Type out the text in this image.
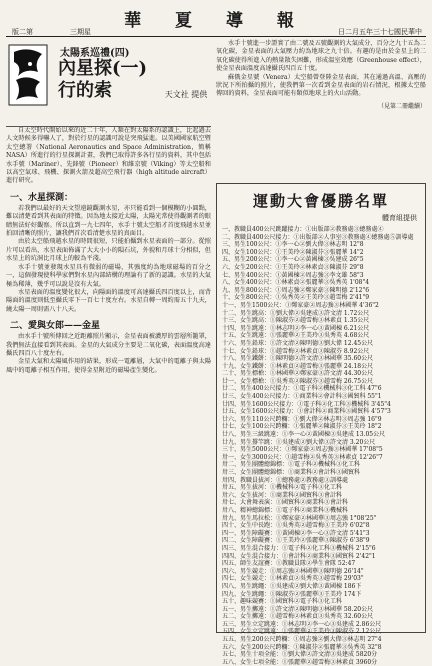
華 夏 導 報
版二第	三期星	日二月五年三十七國民華中
太陽系巡禮(四)
內星探(一)
行的索	天文社 提供

自太空時代開始以來的近二十年，人類在對太陽系的認識上，比起過去人文時候多得嚇人了，對於行星的認識可說是突飛猛進。以美國國家航空暨太空總署（National Aeronautics and Space Administration，簡稱NASA）所進行的行星探測計畫，我們已取得許多各行星的資料，其中包括水手號（Mariner）、先鋒號（Pioneer）和維京號（Viking）等太空船和以高空氣球、飛機、探測火箭及超高空飛行器（high altitude aircraft）進行研究。

一、水星探測：

若我們以最好的天文望遠鏡觀測水星，亦只能看到一個模糊的小圓點，難以清楚看到其表面的特徵。因為地太接近太陽，太陽光常使得觀測者的眼睛無法好好觀察。所以直到一九七四年，水手十號太空船才首度飛越水星並拍回清晰的照片，讓我們首次看清楚水星的真面目。

由於太空船飛越水星的時間很短，只能拍攝到水星表面的一部分。從照片可以看出，水星表面佈滿了大大小小的隕石坑，外貌和月球十分相似，但水星上的坑洞比月球上的較為平淺。

水手十號並發現水星具有微弱的磁場，其強度約為地球磁場的百分之一，這個發現使科學家們對水星內部結構的理論有了新的認識。水星的大氣極為稀薄，幾乎可以說是沒有大氣。

水星表面的溫度變化很大，向陽面的溫度可高達攝氏四百度以上，而背陽面的溫度則低至攝氏零下一百七十度左右。水星自轉一周約需五十九天，繞太陽一周則需八十八天。

二、愛與女郎——金星

由水手十號所傳回之近距離照片顯示，金星表面被濃厚的雲層所籠罩，我們無法直接看到其表面。金星的大氣成分主要是二氧化碳，表面溫度高達攝氏四百八十度左右。

金星大氣和太陽風作用的結果，形成一電離層，大氣中的電離子與太陽風中的電離子相互作用，使得金星附近的磁場產生變化。

水手十號進一步證實了由二號及五號觀測的大氣成分，百分之九十五為二氧化碳，金星表面的大氣壓力約為地球之九十倍。有趣的是由於金星上的二氧化碳使得所進入的熱量散失困難，形成溫室效應（Greenhouse effect），使金星表面溫度高達攝氏四百五十度。

蘇俄金星號（Venera）太空船曾登陸金星表面，其在通過高溫、高壓的狀況下所拍攝的照片，使我們第一次看到金星表面的岩石情況，根據太空船傳回的資料，金星表面可能有類似地球上的火山活動。

（見第二冊繼續）
運動大會優勝名單
體育組提供
一、教職員400公尺跳躍接力：①出版部②教務處③總務處④
二、教職員400公尺接力：①出版部②人事室③教務處④總務處⑤訓導處
三、男生100公尺：①李一心②劉大偉③林志明 12"8
四、女生100公尺：①王美玲②陳淑芬③張麗華 14"2
五、男生200公尺：①李一心②黃國棟③吳建成 26"5
六、女生200公尺：①王美玲②林素貞③陳淑芬 29"8
七、男生400公尺：①黃國棟②周志強③李文雄 58"3
八、女生400公尺：①林素貞②張麗華③吳秀英 1'08"4
九、男生800公尺：①周志強②鄭家豪③陳明德 2'12"6
十、女生800公尺：①吳秀英②王美玲③趙雪梅 2'41"9
十一、男生1500公尺：①鄭家豪②周志強③林國華 4'36"2
十二、男生跳高：①劉大偉②吳建成③許文清 1.72公尺
十三、女生跳高：①陳淑芬②趙雪梅③林素貞 1.35公尺
十四、男生跳遠：①林志明②李一心③黃國棟 6.21公尺
十五、女生跳遠：①張麗華②王美玲③吳秀英 4.68公尺
十六、男生鉛球：①許文清②陳明德③劉大偉 12.45公尺
十七、女生鉛球：①趙雪梅②林素貞③陳淑芬 8.92公尺
十八、男生鐵餅：①陳明德②許文清③林國華 35.60公尺
十九、女生鐵餅：①林素貞②趙雪梅③張麗華 24.18公尺
二十、男生標槍：①林國華②鄭家豪③許文清 44.30公尺
廿一、女生標槍：①吳秀英②陳淑芬③趙雪梅 26.75公尺
廿二、男生400公尺接力：①電子科②機械科③化工科 47"6
廿三、女生400公尺接力：①商業科②會計科③國貿科 55"1
廿四、男生1600公尺接力：①電子科②化工科③機械科 3'45"4
廿五、女生1600公尺接力：①會計科②商業科③國貿科 4'57"3
廿六、男生110公尺跨欄：①劉大偉②林志明③周志強 16"9
廿七、女生100公尺跨欄：①張麗華②陳淑芬③王美玲 18"2
廿八、男生三級跳遠：①李一心②黃國棟③吳建成 13.05公尺
廿九、男生撐竿跳：①吳建成②劉大偉③許文清 3.20公尺
三十、男生5000公尺：①鄭家豪②周志強③林國華 17'08"5
卅一、女生3000公尺：①趙雪梅②吳秀英③林素貞 12'26"7
卅二、男生團體總錦標：①電子科②機械科③化工科
卅三、女生團體總錦標：①商業科②會計科③國貿科
卅四、教職員拔河：①總務處②教務處③訓導處
卅五、男生拔河：①機械科②電子科③化工科
卅六、女生拔河：①商業科②國貿科③會計科
卅七、大會舞表演：①國貿科②商業科③會計科
卅八、精神總錦標：①電子科②商業科③機械科
卅九、男生馬拉松：①鄭家豪②林國華③周志強 1°08'25"
四十、女生中長跑：①吳秀英②趙雪梅③王美玲 6'02"8
四一、男生障礙賽：①黃國棟②李一心③許文清 5'41"3
四二、女生障礙賽：①王美玲②張麗華③陳淑芬 6'38"9
四三、男生混合接力：①電子科②化工科③機械科 2'15"6
四四、女生混合接力：①會計科②商業科③國貿科 2'42"1
四五、師生友誼賽：①教職員隊②學生會隊 52:47
四六、男生競走：①周志強②林國華③陳明德 26'14"
四七、女生競走：①林素貞②吳秀英③趙雪梅 29'03"
四八、男生跳繩：①吳建成②劉大偉③黃國棟 186下
四九、女生跳繩：①陳淑芬②張麗華③王美玲 174下
五十、趣味競賽：①國貿科②電子科③化工科
五一、男生擲遠：①許文清②陳明德③林國華 58.20公尺
五二、女生擲遠：①趙雪梅②林素貞③吳秀英 32.60公尺
五三、男生立定跳遠：①林志明②李一心③吳建成 2.86公尺
五四、女生立定跳遠：①張麗華②王美玲③陳淑芬 2.12公尺
五五、男生200公尺跨欄：①周志強②劉大偉③林志明 27"4
五六、女生200公尺跨欄：①陳淑芬②張麗華③吳秀英 32"8
五七、男生十項全能：①劉大偉②許文清③吳建成 5820分
五八、女生七項全能：①張麗華②趙雪梅③林素貞 3960分
